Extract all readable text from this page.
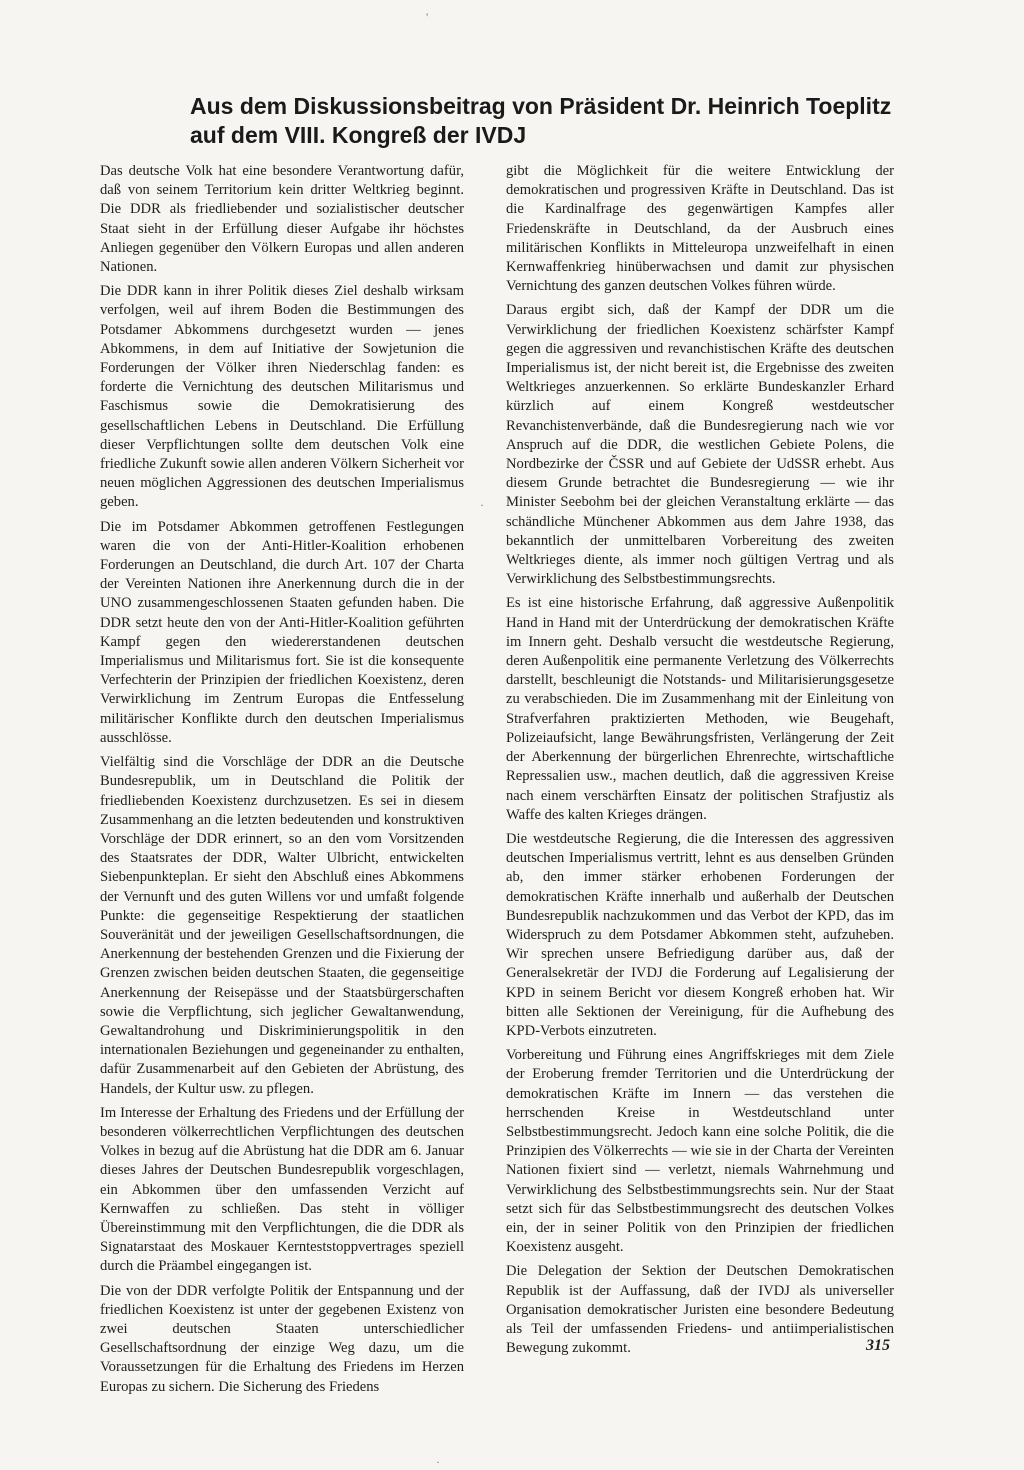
Aus dem Diskussionsbeitrag von Präsident Dr. Heinrich Toeplitz
auf dem VIII. Kongreß der IVDJ

Das deutsche Volk hat eine besondere Verantwortung dafür, daß von seinem Territorium kein dritter Weltkrieg beginnt. Die DDR als friedliebender und sozialistischer deutscher Staat sieht in der Erfüllung dieser Aufgabe ihr höchstes Anliegen gegenüber den Völkern Europas und allen anderen Nationen.

Die DDR kann in ihrer Politik dieses Ziel deshalb wirksam verfolgen, weil auf ihrem Boden die Bestimmungen des Potsdamer Abkommens durchgesetzt wurden — jenes Abkommens, in dem auf Initiative der Sowjetunion die Forderungen der Völker ihren Niederschlag fanden: es forderte die Vernichtung des deutschen Militarismus und Faschismus sowie die Demokratisierung des gesellschaftlichen Lebens in Deutschland. Die Erfüllung dieser Verpflichtungen sollte dem deutschen Volk eine friedliche Zukunft sowie allen anderen Völkern Sicherheit vor neuen möglichen Aggressionen des deutschen Imperialismus geben.

Die im Potsdamer Abkommen getroffenen Festlegungen waren die von der Anti-Hitler-Koalition erhobenen Forderungen an Deutschland, die durch Art. 107 der Charta der Vereinten Nationen ihre Anerkennung durch die in der UNO zusammengeschlossenen Staaten gefunden haben. Die DDR setzt heute den von der Anti-Hitler-Koalition geführten Kampf gegen den wiedererstandenen deutschen Imperialismus und Militarismus fort. Sie ist die konsequente Verfechterin der Prinzipien der friedlichen Koexistenz, deren Verwirklichung im Zentrum Europas die Entfesselung militärischer Konflikte durch den deutschen Imperialismus ausschlösse.

Vielfältig sind die Vorschläge der DDR an die Deutsche Bundesrepublik, um in Deutschland die Politik der friedliebenden Koexistenz durchzusetzen. Es sei in diesem Zusammenhang an die letzten bedeutenden und konstruktiven Vorschläge der DDR erinnert, so an den vom Vorsitzenden des Staatsrates der DDR, Walter Ulbricht, entwickelten Siebenpunkteplan. Er sieht den Abschluß eines Abkommens der Vernunft und des guten Willens vor und umfaßt folgende Punkte: die gegenseitige Respektierung der staatlichen Souveränität und der jeweiligen Gesellschaftsordnungen, die Anerkennung der bestehenden Grenzen und die Fixierung der Grenzen zwischen beiden deutschen Staaten, die gegenseitige Anerkennung der Reisepässe und der Staatsbürgerschaften sowie die Verpflichtung, sich jeglicher Gewaltanwendung, Gewaltandrohung und Diskriminierungspolitik in den internationalen Beziehungen und gegeneinander zu enthalten, dafür Zusammenarbeit auf den Gebieten der Abrüstung, des Handels, der Kultur usw. zu pflegen.

Im Interesse der Erhaltung des Friedens und der Erfüllung der besonderen völkerrechtlichen Verpflichtungen des deutschen Volkes in bezug auf die Abrüstung hat die DDR am 6. Januar dieses Jahres der Deutschen Bundesrepublik vorgeschlagen, ein Abkommen über den umfassenden Verzicht auf Kernwaffen zu schließen. Das steht in völliger Übereinstimmung mit den Verpflichtungen, die die DDR als Signatarstaat des Moskauer Kernteststoppvertrages speziell durch die Präambel eingegangen ist.

Die von der DDR verfolgte Politik der Entspannung und der friedlichen Koexistenz ist unter der gegebenen Existenz von zwei deutschen Staaten unterschiedlicher Gesellschaftsordnung der einzige Weg dazu, um die Voraussetzungen für die Erhaltung des Friedens im Herzen Europas zu sichern. Die Sicherung des Friedens

gibt die Möglichkeit für die weitere Entwicklung der demokratischen und progressiven Kräfte in Deutschland. Das ist die Kardinalfrage des gegenwärtigen Kampfes aller Friedenskräfte in Deutschland, da der Ausbruch eines militärischen Konflikts in Mitteleuropa unzweifelhaft in einen Kernwaffenkrieg hinüberwachsen und damit zur physischen Vernichtung des ganzen deutschen Volkes führen würde.

Daraus ergibt sich, daß der Kampf der DDR um die Verwirklichung der friedlichen Koexistenz schärfster Kampf gegen die aggressiven und revanchistischen Kräfte des deutschen Imperialismus ist, der nicht bereit ist, die Ergebnisse des zweiten Weltkrieges anzuerkennen. So erklärte Bundeskanzler Erhard kürzlich auf einem Kongreß westdeutscher Revanchistenverbände, daß die Bundesregierung nach wie vor Anspruch auf die DDR, die westlichen Gebiete Polens, die Nordbezirke der ČSSR und auf Gebiete der UdSSR erhebt. Aus diesem Grunde betrachtet die Bundesregierung — wie ihr Minister Seebohm bei der gleichen Veranstaltung erklärte — das schändliche Münchener Abkommen aus dem Jahre 1938, das bekanntlich der unmittelbaren Vorbereitung des zweiten Weltkrieges diente, als immer noch gültigen Vertrag und als Verwirklichung des Selbstbestimmungsrechts.

Es ist eine historische Erfahrung, daß aggressive Außenpolitik Hand in Hand mit der Unterdrückung der demokratischen Kräfte im Innern geht. Deshalb versucht die westdeutsche Regierung, deren Außenpolitik eine permanente Verletzung des Völkerrechts darstellt, beschleunigt die Notstands- und Militarisierungsgesetze zu verabschieden. Die im Zusammenhang mit der Einleitung von Strafverfahren praktizierten Methoden, wie Beugehaft, Polizeiaufsicht, lange Bewährungsfristen, Verlängerung der Zeit der Aberkennung der bürgerlichen Ehrenrechte, wirtschaftliche Repressalien usw., machen deutlich, daß die aggressiven Kreise nach einem verschärften Einsatz der politischen Strafjustiz als Waffe des kalten Krieges drängen.

Die westdeutsche Regierung, die die Interessen des aggressiven deutschen Imperialismus vertritt, lehnt es aus denselben Gründen ab, den immer stärker erhobenen Forderungen der demokratischen Kräfte innerhalb und außerhalb der Deutschen Bundesrepublik nachzukommen und das Verbot der KPD, das im Widerspruch zu dem Potsdamer Abkommen steht, aufzuheben. Wir sprechen unsere Befriedigung darüber aus, daß der Generalsekretär der IVDJ die Forderung auf Legalisierung der KPD in seinem Bericht vor diesem Kongreß erhoben hat. Wir bitten alle Sektionen der Vereinigung, für die Aufhebung des KPD-Verbots einzutreten.

Vorbereitung und Führung eines Angriffskrieges mit dem Ziele der Eroberung fremder Territorien und die Unterdrückung der demokratischen Kräfte im Innern — das verstehen die herrschenden Kreise in Westdeutschland unter Selbstbestimmungsrecht. Jedoch kann eine solche Politik, die die Prinzipien des Völkerrechts — wie sie in der Charta der Vereinten Nationen fixiert sind — verletzt, niemals Wahrnehmung und Verwirklichung des Selbstbestimmungsrechts sein. Nur der Staat setzt sich für das Selbstbestimmungsrecht des deutschen Volkes ein, der in seiner Politik von den Prinzipien der friedlichen Koexistenz ausgeht.

Die Delegation der Sektion der Deutschen Demokratischen Republik ist der Auffassung, daß der IVDJ als universeller Organisation demokratischer Juristen eine besondere Bedeutung als Teil der umfassenden Friedens- und antiimperialistischen Bewegung zukommt.	315
'
·
·
